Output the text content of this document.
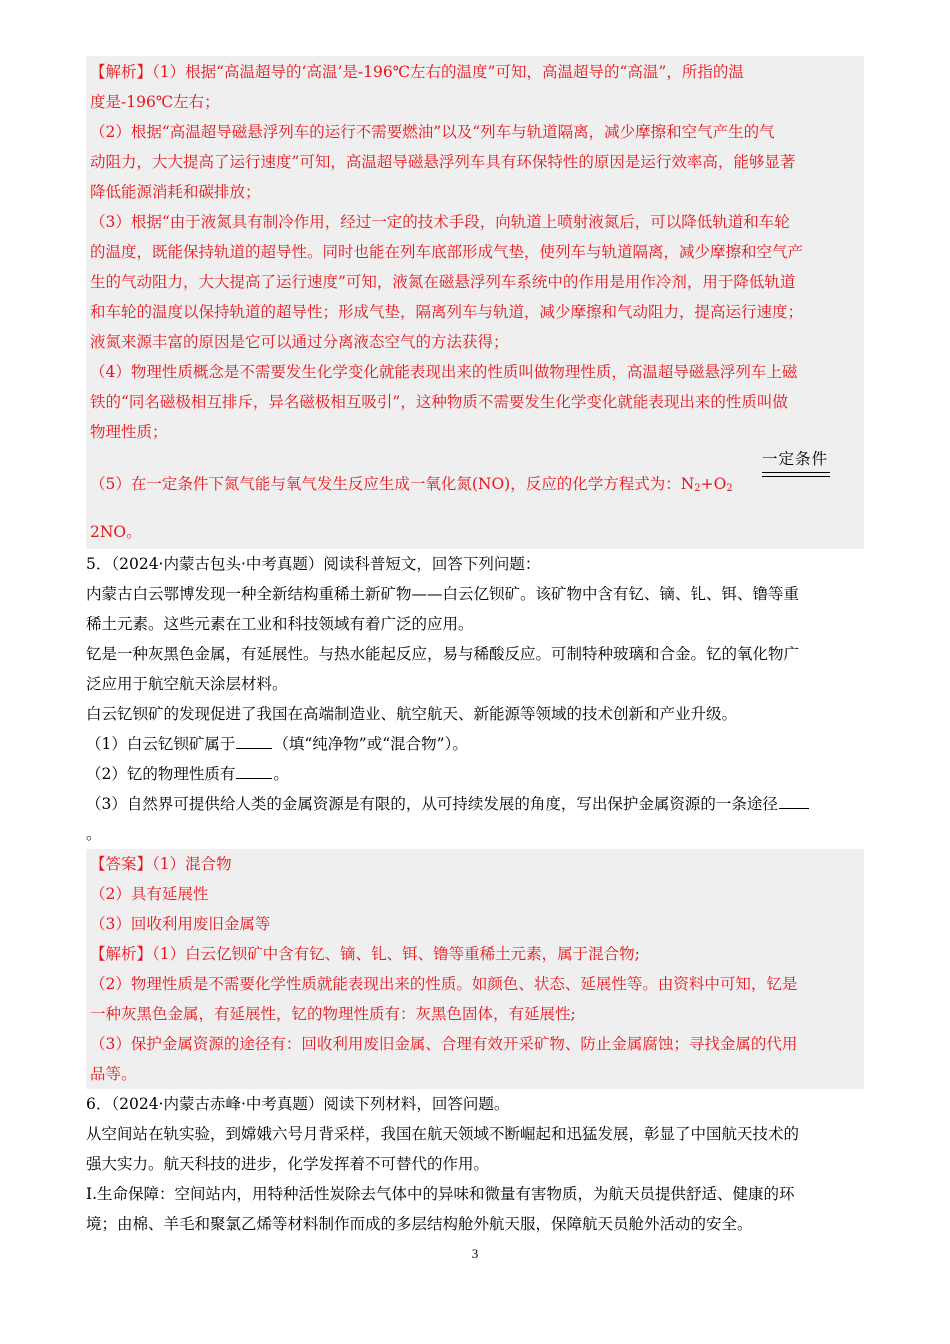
【解析】（1）根据“高温超导的‘高温’是-196℃左右的温度”可知，高温超导的“高温”，所指的温

度是-196℃左右；

（2）根据“高温超导磁悬浮列车的运行不需要燃油”以及“列车与轨道隔离，减少摩擦和空气产生的气

动阻力，大大提高了运行速度”可知，高温超导磁悬浮列车具有环保特性的原因是运行效率高，能够显著

降低能源消耗和碳排放；

（3）根据“由于液氮具有制冷作用，经过一定的技术手段，向轨道上喷射液氮后，可以降低轨道和车轮

的温度，既能保持轨道的超导性。同时也能在列车底部形成气垫，使列车与轨道隔离，减少摩擦和空气产

生的气动阻力，大大提高了运行速度”可知，液氮在磁悬浮列车系统中的作用是用作冷剂，用于降低轨道

和车轮的温度以保持轨道的超导性；形成气垫，隔离列车与轨道，减少摩擦和气动阻力，提高运行速度；

液氮来源丰富的原因是它可以通过分离液态空气的方法获得；

（4）物理性质概念是不需要发生化学变化就能表现出来的性质叫做物理性质，高温超导磁悬浮列车上磁

铁的“同名磁极相互排斥，异名磁极相互吸引”，这种物质不需要发生化学变化就能表现出来的性质叫做

物理性质；

（5）在一定条件下氮气能与氧气发生反应生成一氧化氮(NO)，反应的化学方程式为：$N_2+O_2$

一定条件

2NO。

5．（2024·内蒙古包头·中考真题）阅读科普短文，回答下列问题：

内蒙古白云鄂博发现一种全新结构重稀土新矿物——白云亿钡矿。该矿物中含有钇、镝、钆、铒、镥等重

稀土元素。这些元素在工业和科技领域有着广泛的应用。

钇是一种灰黑色金属，有延展性。与热水能起反应，易与稀酸反应。可制特种玻璃和合金。钇的氧化物广

泛应用于航空航天涂层材料。

白云钇钡矿的发现促进了我国在高端制造业、航空航天、新能源等领域的技术创新和产业升级。

（1）白云钇钡矿属于 （填“纯净物”或“混合物”）。

（2）钇的物理性质有 。

（3）自然界可提供给人类的金属资源是有限的，从可持续发展的角度，写出保护金属资源的一条途径

。

【答案】（1）混合物

（2）具有延展性

（3）回收利用废旧金属等

【解析】（1）白云亿钡矿中含有钇、镝、钆、铒、镥等重稀土元素，属于混合物;

（2）物理性质是不需要化学性质就能表现出来的性质。如颜色、状态、延展性等。由资料中可知，钇是

一种灰黑色金属，有延展性，钇的物理性质有：灰黑色固体，有延展性;

（3）保护金属资源的途径有：回收利用废旧金属、合理有效开采矿物、防止金属腐蚀；寻找金属的代用

品等。

6．（2024·内蒙古赤峰·中考真题）阅读下列材料，回答问题。

从空间站在轨实验，到嫦娥六号月背采样，我国在航天领域不断崛起和迅猛发展，彰显了中国航天技术的

强大实力。航天科技的进步，化学发挥着不可替代的作用。

Ⅰ.生命保障：空间站内，用特种活性炭除去气体中的异味和微量有害物质，为航天员提供舒适、健康的环

境；由棉、羊毛和聚氯乙烯等材料制作而成的多层结构舱外航天服，保障航天员舱外活动的安全。

3
